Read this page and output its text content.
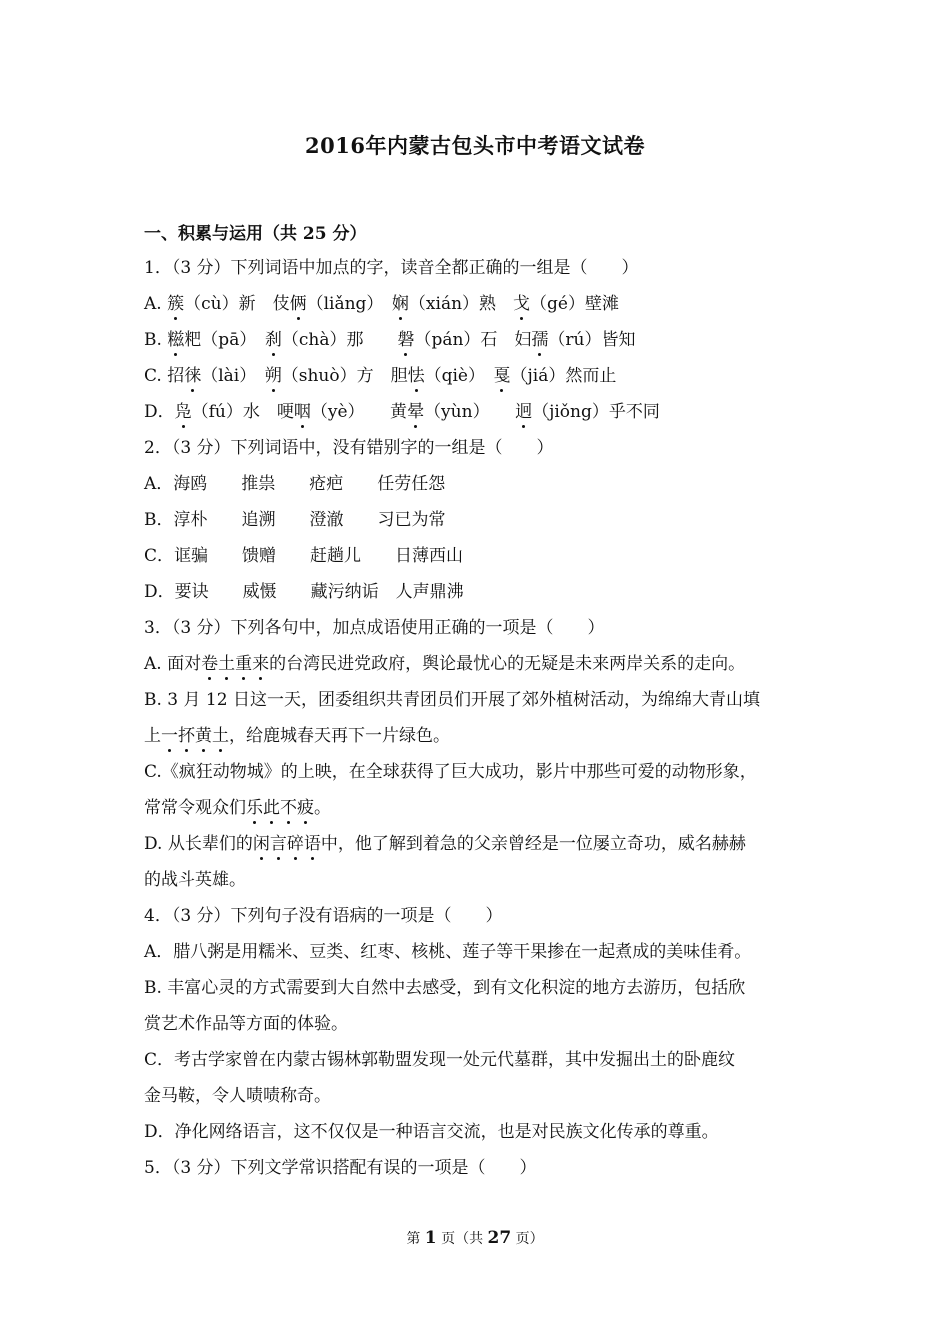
2016年内蒙古包头市中考语文试卷
一、积累与运用（共 25 分）
1．（3 分）下列词语中加点的字，读音全都正确的一组是（　　）
A. 簇（cù）新　伎俩（liǎng）　娴（xián）熟　戈（gé）壁滩
B. 糍粑（pā）　刹（chà）那　　磐（pán）石　妇孺（rú）皆知
C. 招徕（lài）　朔（shuò）方　胆怯（qiè）　戛（jiá）然而止
D．凫（fú）水　哽咽（yè）　　黄晕（yùn）　　迥（jiǒng）乎不同
2．（3 分）下列词语中，没有错别字的一组是（　　）
A．海鸥　　推祟　　疮疤　　任劳任怨
B．淳朴　　追溯　　澄澈　　习已为常
C．诓骗　　馈赠　　赶趟儿　　日薄西山
D．要诀　　威慑　　藏污纳诟　人声鼎沸
3．（3 分）下列各句中，加点成语使用正确的一项是（　　）
A. 面对卷土重来的台湾民进党政府，舆论最忧心的无疑是未来两岸关系的走向。
B. 3 月 12 日这一天，团委组织共青团员们开展了郊外植树活动，为绵绵大青山填
上一抔黄土，给鹿城春天再下一片绿色。
C.《疯狂动物城》的上映，在全球获得了巨大成功，影片中那些可爱的动物形象，
常常令观众们乐此不疲。
D. 从长辈们的闲言碎语中，他了解到着急的父亲曾经是一位屡立奇功，威名赫赫
的战斗英雄。
4．（3 分）下列句子没有语病的一项是（　　）
A．腊八粥是用糯米、豆类、红枣、核桃、莲子等干果掺在一起煮成的美味佳肴。
B. 丰富心灵的方式需要到大自然中去感受，到有文化积淀的地方去游历，包括欣
赏艺术作品等方面的体验。
C．考古学家曾在内蒙古锡林郭勒盟发现一处元代墓群，其中发掘出土的卧鹿纹
金马鞍，令人啧啧称奇。
D．净化网络语言，这不仅仅是一种语言交流，也是对民族文化传承的尊重。
5．（3 分）下列文学常识搭配有误的一项是（　　）
第 1 页（共 27 页）
